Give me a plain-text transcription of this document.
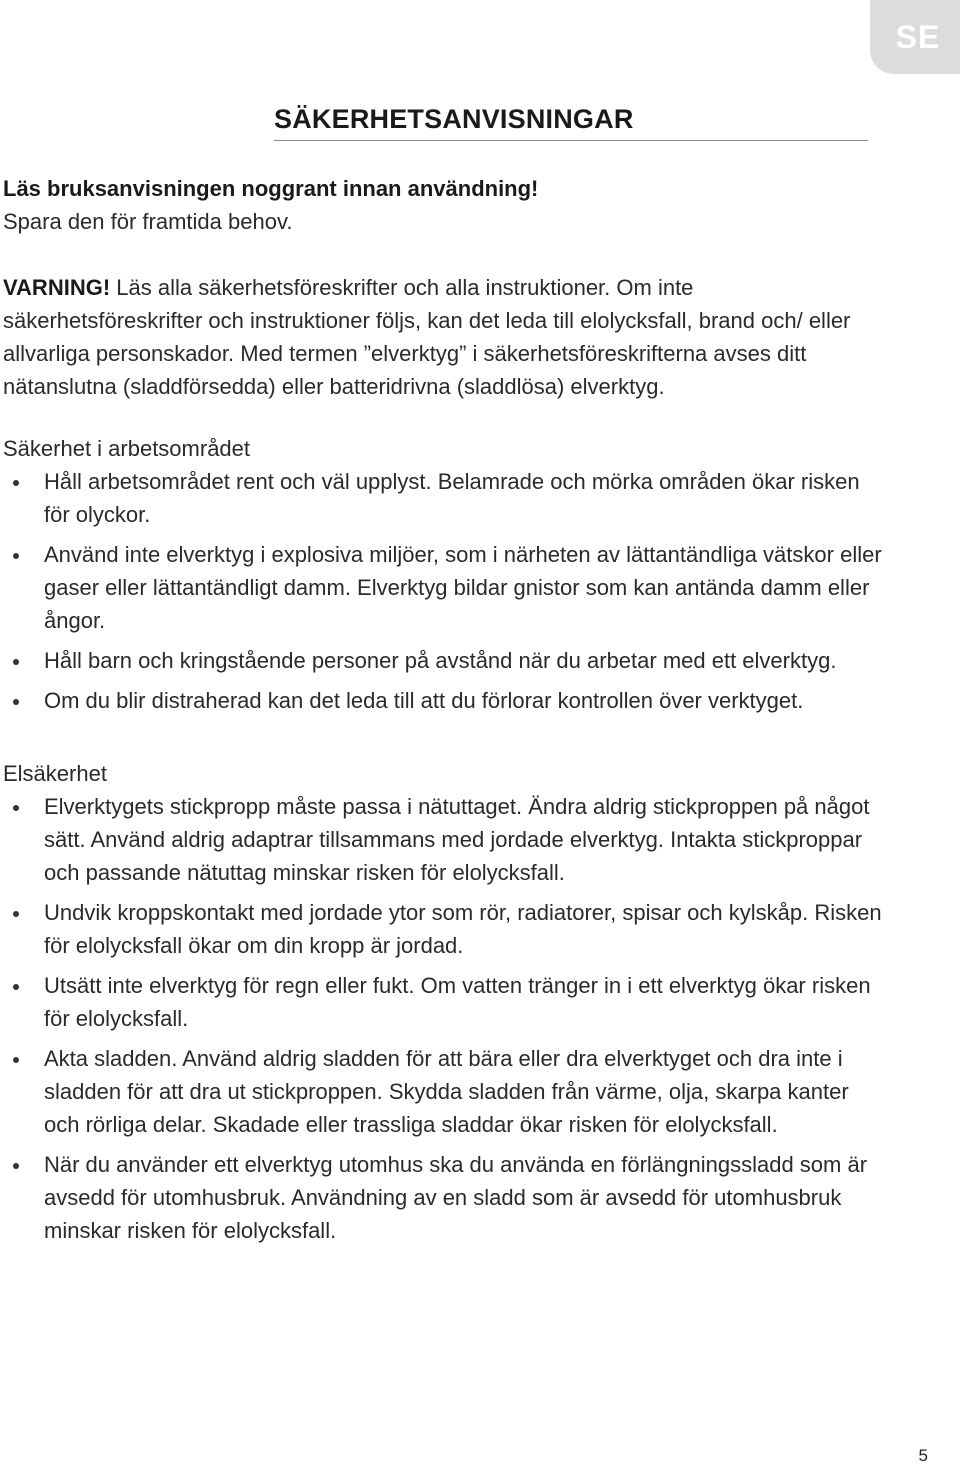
SE
SÄKERHETSANVISNINGAR

Läs bruksanvisningen noggrant innan användning!

Spara den för framtida behov.

VARNING! Läs alla säkerhetsföreskrifter och alla instruktioner. Om inte säkerhetsföreskrifter och instruktioner följs, kan det leda till elolycksfall, brand och/ eller allvarliga personskador. Med termen ”elverktyg” i säkerhetsföreskrifterna avses ditt nätanslutna (sladdförsedda) eller batteridrivna (sladdlösa) elverktyg.

Säkerhet i arbetsområdet
Håll arbetsområdet rent och väl upplyst. Belamrade och mörka områden ökar risken för olyckor.
Använd inte elverktyg i explosiva miljöer, som i närheten av lättantändliga vätskor eller gaser eller lättantändligt damm. Elverktyg bildar gnistor som kan antända damm eller ångor.
Håll barn och kringstående personer på avstånd när du arbetar med ett elverktyg.
Om du blir distraherad kan det leda till att du förlorar kontrollen över verktyget.
Elsäkerhet
Elverktygets stickpropp måste passa i nätuttaget. Ändra aldrig stickproppen på något sätt. Använd aldrig adaptrar tillsammans med jordade elverktyg. Intakta stickproppar och passande nätuttag minskar risken för elolycksfall.
Undvik kroppskontakt med jordade ytor som rör, radiatorer, spisar och kylskåp. Risken för elolycksfall ökar om din kropp är jordad.
Utsätt inte elverktyg för regn eller fukt. Om vatten tränger in i ett elverktyg ökar risken för elolycksfall.
Akta sladden. Använd aldrig sladden för att bära eller dra elverktyget och dra inte i sladden för att dra ut stickproppen. Skydda sladden från värme, olja, skarpa kanter och rörliga delar. Skadade eller trassliga sladdar ökar risken för elolycksfall.
När du använder ett elverktyg utomhus ska du använda en förlängningssladd som är avsedd för utomhusbruk. Användning av en sladd som är avsedd för utomhusbruk minskar risken för elolycksfall.
5
